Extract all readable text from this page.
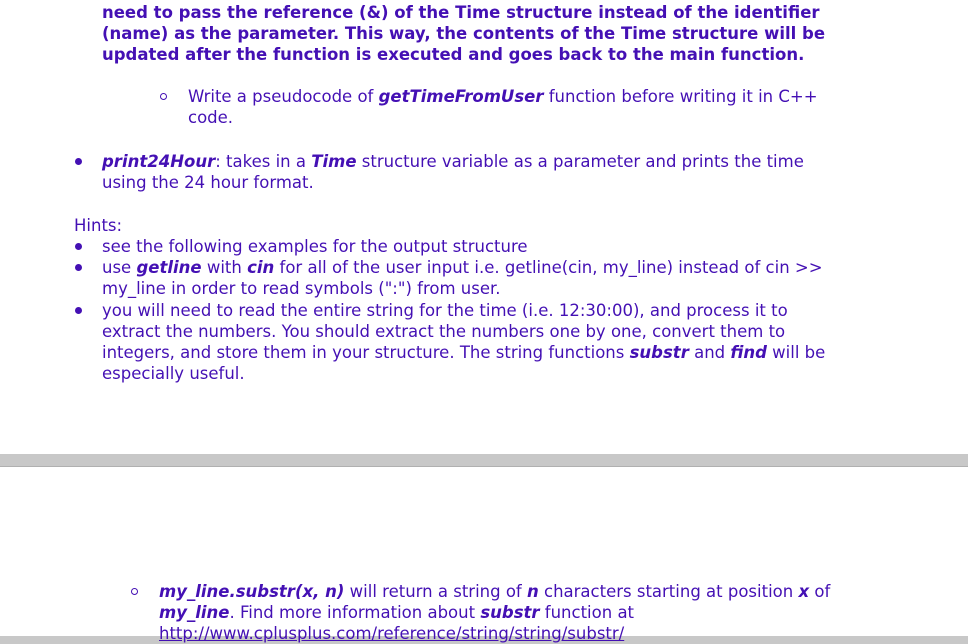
need to pass the reference (&) of the Time structure instead of the identifier
(name) as the parameter. This way, the contents of the Time structure will be
updated after the function is executed and goes back to the main function.
Write a pseudocode of getTimeFromUser function before writing it in C++
code.
print24Hour: takes in a Time structure variable as a parameter and prints the time
using the 24 hour format.
Hints:
see the following examples for the output structure
use getline with cin for all of the user input i.e. getline(cin, my_line) instead of cin >>
my_line in order to read symbols (":") from user.
you will need to read the entire string for the time (i.e. 12:30:00), and process it to
extract the numbers. You should extract the numbers one by one, convert them to
integers, and store them in your structure. The string functions substr and find will be
especially useful.
my_line.substr(x, n) will return a string of n characters starting at position x of
my_line. Find more information about substr function at
http://www.cplusplus.com/reference/string/string/substr/
